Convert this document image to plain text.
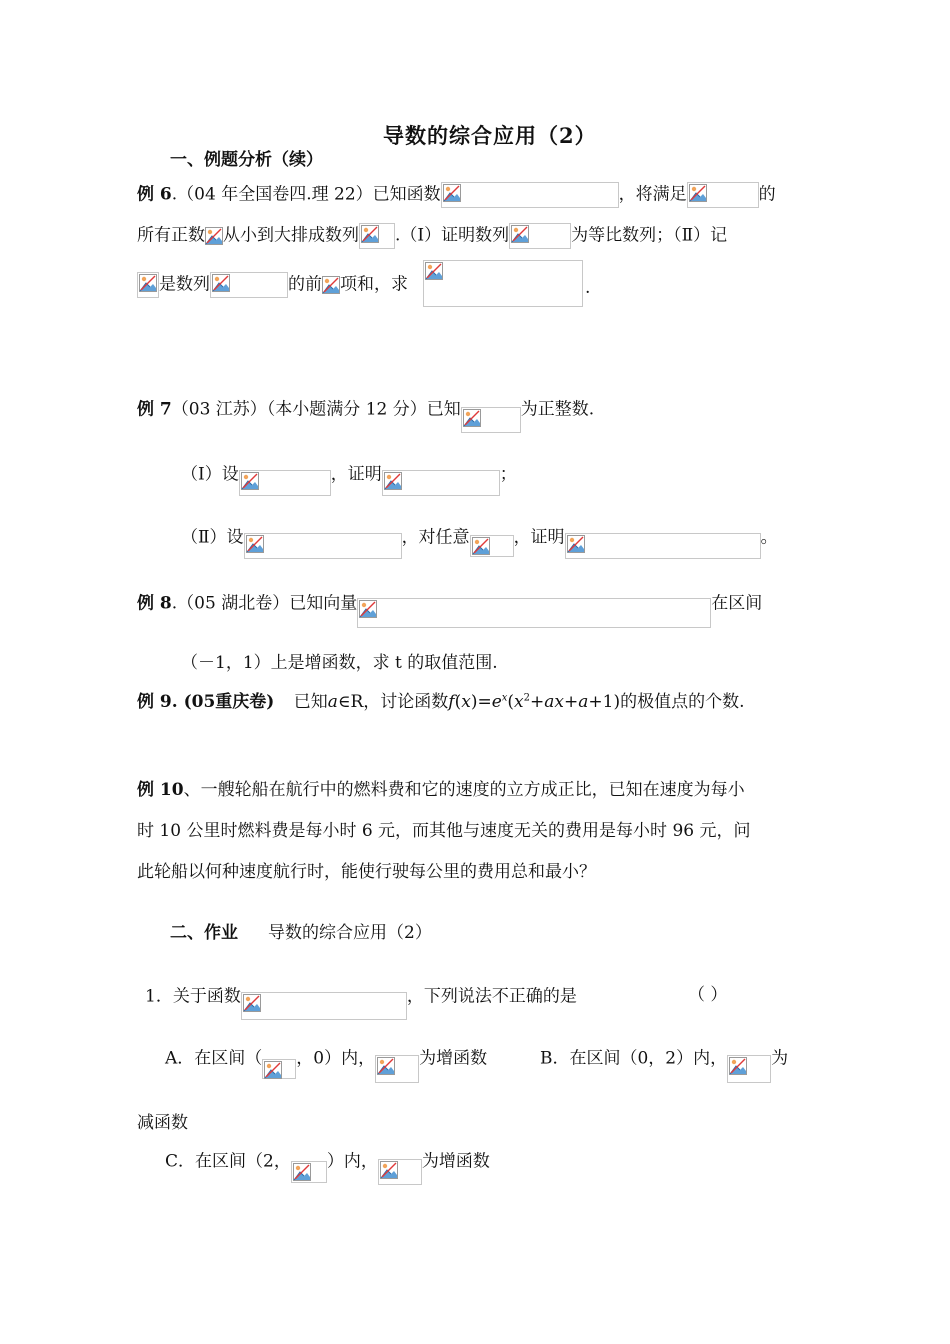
导数的综合应用（2）
一、例题分析（续）
例 6.（04 年全国卷四.理 22）已知函数	，将满足	的
所有正数 从小到大排成数列 .（Ⅰ）证明数列	为等比数列；（Ⅱ）记
是数列	的前 项和，求	.
例 7（03 江苏）（本小题满分 12 分）已知	为正整数.
（Ⅰ）设	，证明	；
（Ⅱ）设	，对任意	，证明	。
例 8.（05 湖北卷）已知向量	在区间
（－1，1）上是增函数，求 t 的取值范围.
例 9. (05重庆卷) 已知a∈R，讨论函数$f(x)=e^x(x^2+ax+a+1)$的极值点的个数.
例 10、一艘轮船在航行中的燃料费和它的速度的立方成正比，已知在速度为每小
时 10 公里时燃料费是每小时 6 元，而其他与速度无关的费用是每小时 96 元，问
此轮船以何种速度航行时，能使行驶每公里的费用总和最小？
二、作业 导数的综合应用（2）
1．关于函数	，下列说法不正确的是	（ ）
A．在区间（ ，0）内，	为增函数	B．在区间（0，2）内，	为
减函数
C．在区间（2， ）内，	为增函数
